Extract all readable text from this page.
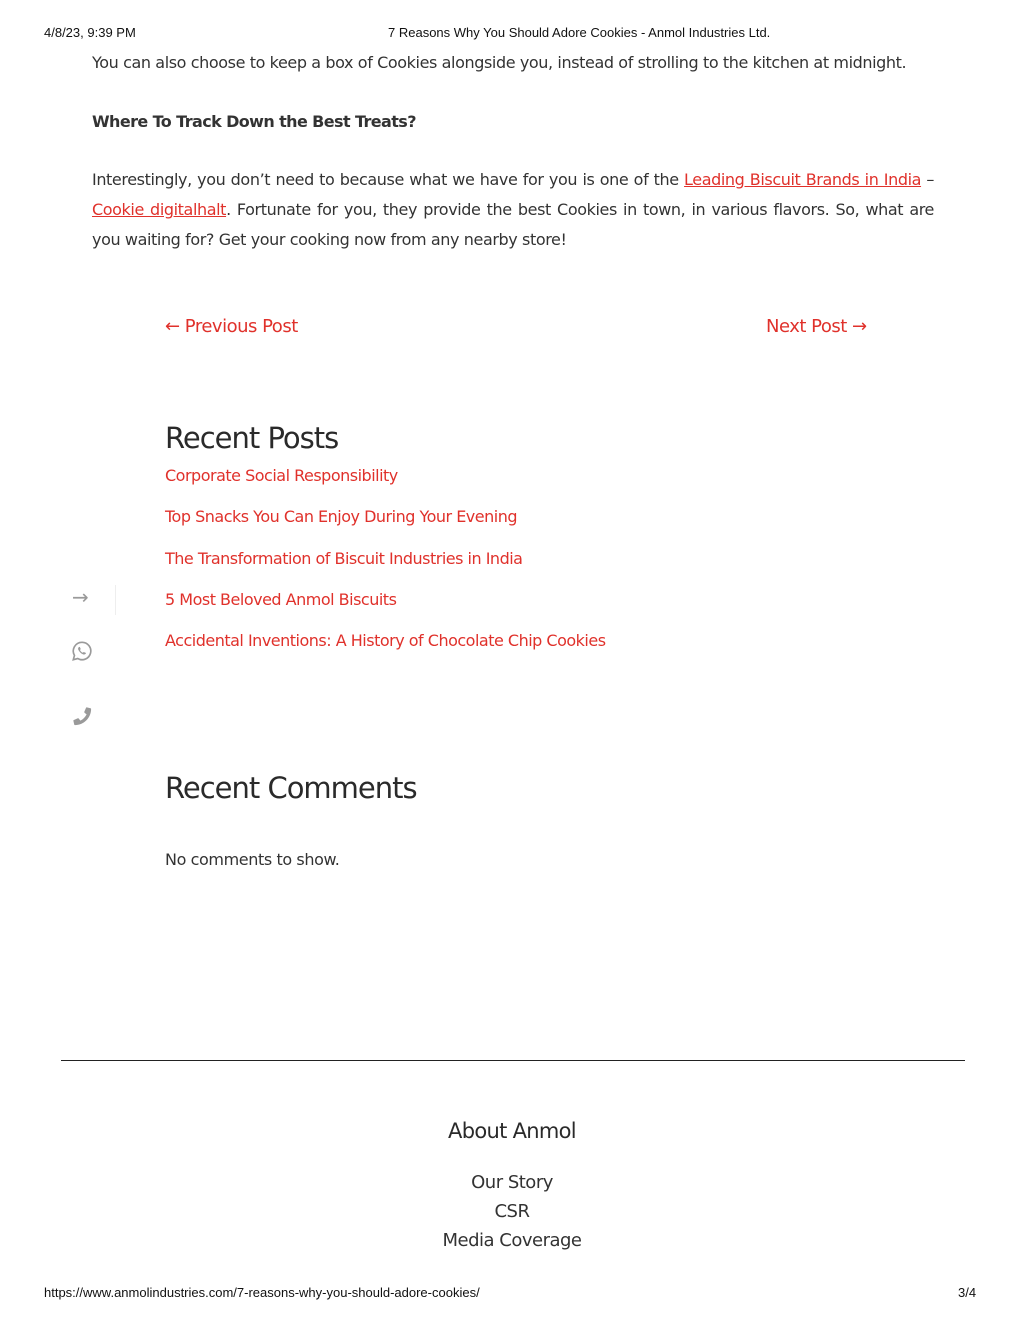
4/8/23, 9:39 PM	7 Reasons Why You Should Adore Cookies - Anmol Industries Ltd.
You can also choose to keep a box of Cookies alongside you, instead of strolling to the kitchen at midnight.
Where To Track Down the Best Treats?

Interestingly, you don’t need to because what we have for you is one of the Leading Biscuit Brands in India – Cookie digitalhalt. Fortunate for you, they provide the best Cookies in town, in various flavors. So, what are you waiting for? Get your cooking now from any nearby store!

← Previous Post	Next Post →
Recent Posts
Corporate Social Responsibility
Top Snacks You Can Enjoy During Your Evening
The Transformation of Biscuit Industries in India
5 Most Beloved Anmol Biscuits
Accidental Inventions: A History of Chocolate Chip Cookies
→
Recent Comments
No comments to show.
About Anmol
Our Story
CSR
Media Coverage
https://www.anmolindustries.com/7-reasons-why-you-should-adore-cookies/	3/4
